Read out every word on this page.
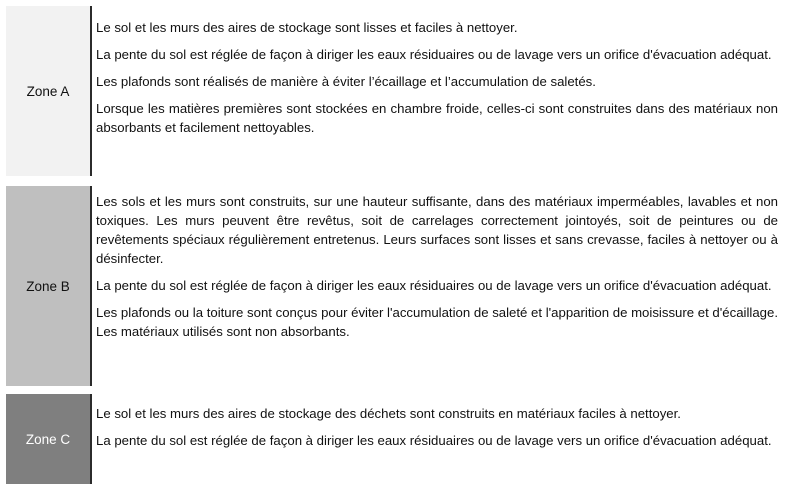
Zone A

Le sol et les murs des aires de stockage sont lisses et faciles à nettoyer.

La pente du sol est réglée de façon à diriger les eaux résiduaires ou de lavage vers un orifice d'évacuation adéquat.

Les plafonds sont réalisés de manière à éviter l’écaillage et l’accumulation de saletés.

Lorsque les matières premières sont stockées en chambre froide, celles-ci sont construites dans des matériaux non absorbants et facilement nettoyables.

Zone B

Les sols et les murs sont construits, sur une hauteur suffisante, dans des matériaux imperméables, lavables et non toxiques. Les murs peuvent être revêtus, soit de carrelages correctement jointoyés, soit de peintures ou de revêtements spéciaux régulièrement entretenus. Leurs surfaces sont lisses et sans crevasse, faciles à nettoyer ou à désinfecter.

La pente du sol est réglée de façon à diriger les eaux résiduaires ou de lavage vers un orifice d'évacuation adéquat.

Les plafonds ou la toiture sont conçus pour éviter l'accumulation de saleté et l'apparition de moisissure et d'écaillage. Les matériaux utilisés sont non absorbants.

Zone C

Le sol et les murs des aires de stockage des déchets sont construits en matériaux faciles à nettoyer.

La pente du sol est réglée de façon à diriger les eaux résiduaires ou de lavage vers un orifice d'évacuation adéquat.
